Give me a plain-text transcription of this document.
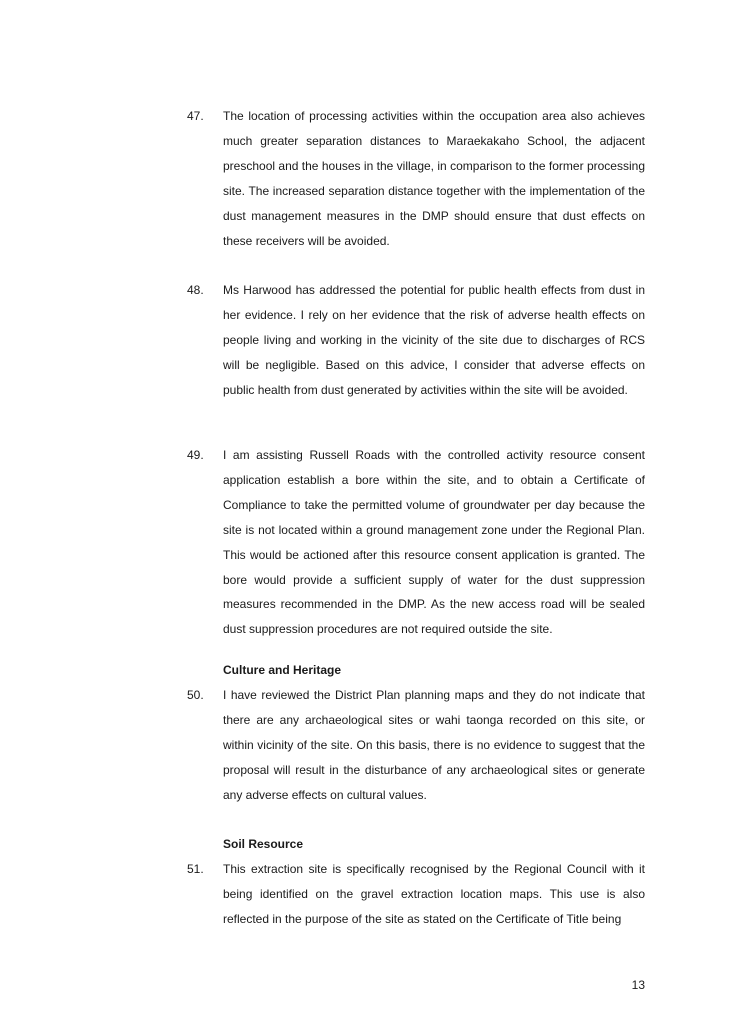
47.	The location of processing activities within the occupation area also achieves much greater separation distances to Maraekakaho School, the adjacent preschool and the houses in the village, in comparison to the former processing site. The increased separation distance together with the implementation of the dust management measures in the DMP should ensure that dust effects on these receivers will be avoided.
48.	Ms Harwood has addressed the potential for public health effects from dust in her evidence. I rely on her evidence that the risk of adverse health effects on people living and working in the vicinity of the site due to discharges of RCS will be negligible. Based on this advice, I consider that adverse effects on public health from dust generated by activities within the site will be avoided.
49.	I am assisting Russell Roads with the controlled activity resource consent application establish a bore within the site, and to obtain a Certificate of Compliance to take the permitted volume of groundwater per day because the site is not located within a ground management zone under the Regional Plan. This would be actioned after this resource consent application is granted. The bore would provide a sufficient supply of water for the dust suppression measures recommended in the DMP. As the new access road will be sealed dust suppression procedures are not required outside the site.
Culture and Heritage
50.	I have reviewed the District Plan planning maps and they do not indicate that there are any archaeological sites or wahi taonga recorded on this site, or within vicinity of the site. On this basis, there is no evidence to suggest that the proposal will result in the disturbance of any archaeological sites or generate any adverse effects on cultural values.
Soil Resource
51.	This extraction site is specifically recognised by the Regional Council with it being identified on the gravel extraction location maps. This use is also reflected in the purpose of the site as stated on the Certificate of Title being
13
